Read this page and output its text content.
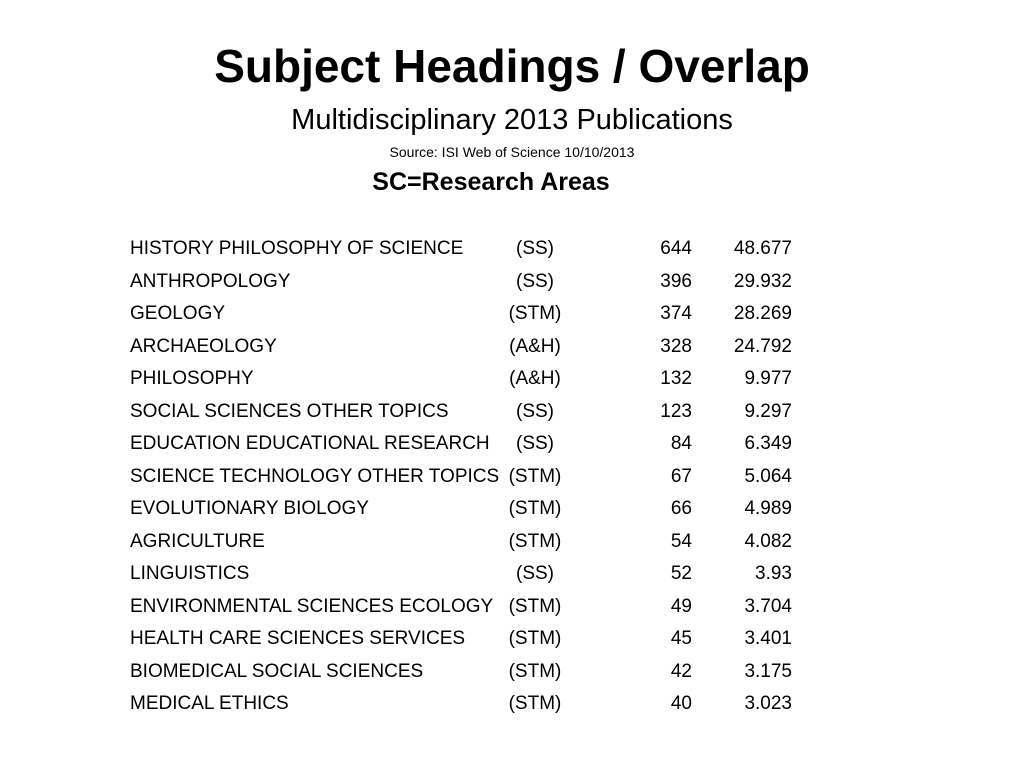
Subject Headings / Overlap
Multidisciplinary 2013 Publications
Source: ISI Web of Science 10/10/2013
SC=Research Areas
HISTORY PHILOSOPHY OF SCIENCE	(SS)	644	48.677
ANTHROPOLOGY	(SS)	396	29.932
GEOLOGY	(STM)	374	28.269
ARCHAEOLOGY	(A&H)	328	24.792
PHILOSOPHY	(A&H)	132	9.977
SOCIAL SCIENCES OTHER TOPICS	(SS)	123	9.297
EDUCATION EDUCATIONAL RESEARCH	(SS)	84	6.349
SCIENCE TECHNOLOGY OTHER TOPICS (STM)	67	5.064
EVOLUTIONARY BIOLOGY	(STM)	66	4.989
AGRICULTURE	(STM)	54	4.082
LINGUISTICS	(SS)	52	3.93
ENVIRONMENTAL SCIENCES ECOLOGY (STM)	49	3.704
HEALTH CARE SCIENCES SERVICES	(STM)	45	3.401
BIOMEDICAL SOCIAL SCIENCES	(STM)	42	3.175
MEDICAL ETHICS	(STM)	40	3.023
